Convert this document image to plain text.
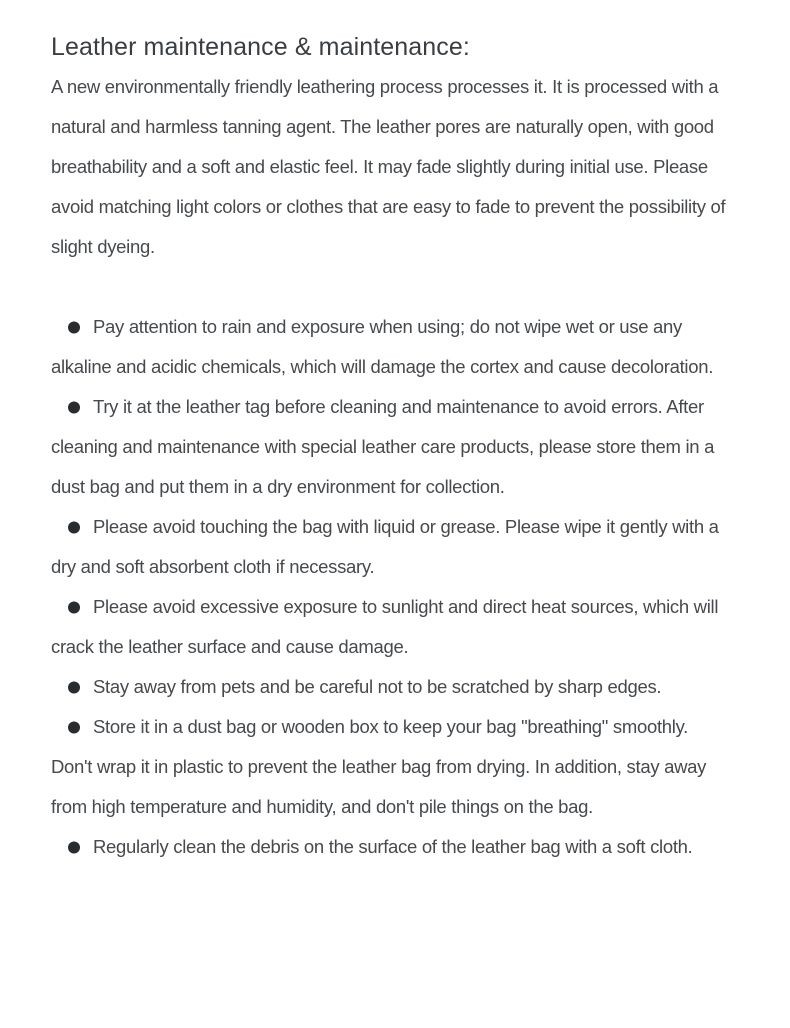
Leather maintenance & maintenance:

A new environmentally friendly leathering process processes it. It is processed with a natural and harmless tanning agent. The leather pores are naturally open, with good breathability and a soft and elastic feel. It may fade slightly during initial use. Please avoid matching light colors or clothes that are easy to fade to prevent the possibility of slight dyeing.

Pay attention to rain and exposure when using; do not wipe wet or use any alkaline and acidic chemicals, which will damage the cortex and cause decoloration.
Try it at the leather tag before cleaning and maintenance to avoid errors. After cleaning and maintenance with special leather care products, please store them in a dust bag and put them in a dry environment for collection.
Please avoid touching the bag with liquid or grease. Please wipe it gently with a dry and soft absorbent cloth if necessary.
Please avoid excessive exposure to sunlight and direct heat sources, which will crack the leather surface and cause damage.
Stay away from pets and be careful not to be scratched by sharp edges.
Store it in a dust bag or wooden box to keep your bag "breathing" smoothly. Don't wrap it in plastic to prevent the leather bag from drying. In addition, stay away from high temperature and humidity, and don't pile things on the bag.
Regularly clean the debris on the surface of the leather bag with a soft cloth.
